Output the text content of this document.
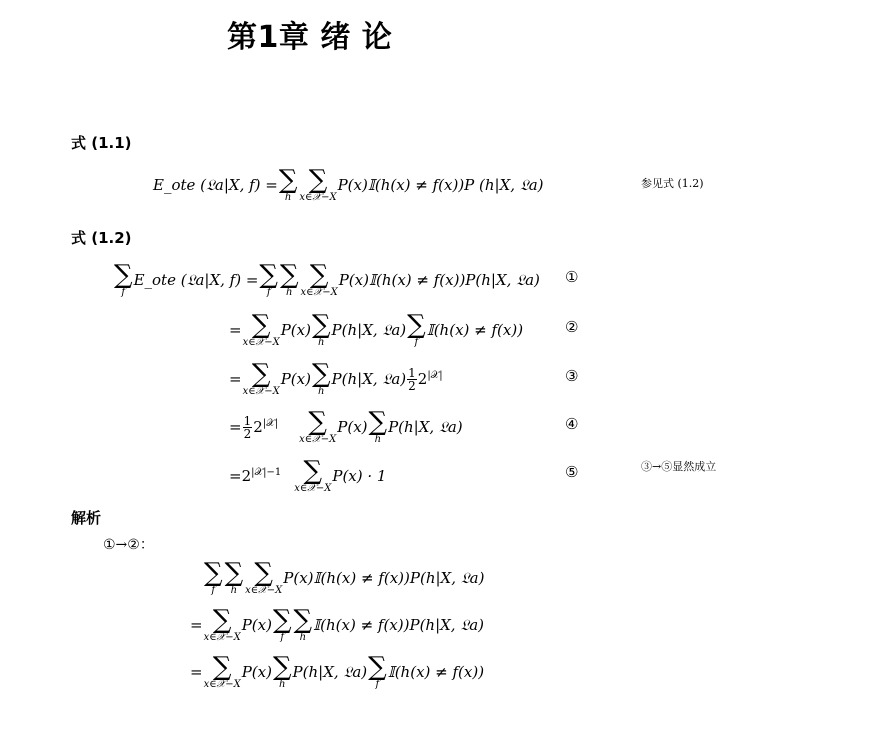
第1章 绪 论
式 (1.1)
E_ote (𝔏a|X, f) = ∑
h
∑
x∈𝒳−X
P(x)𝕀(h(x) ≠ f(x))P (h|X, 𝔏a)	参见式 (1.2)
式 (1.2)
∑
f
E_ote (𝔏a|X, f) = ∑
f
∑
h
∑
x∈𝒳−X
P(x)𝕀(h(x) ≠ f(x))P(h|X, 𝔏a) ①
= ∑
x∈𝒳−X
P(x) ∑
h
P(h|X, 𝔏a) ∑
f
𝕀(h(x) ≠ f(x))	②
= ∑
x∈𝒳−X
P(x) ∑
h
P(h|X, 𝔏a) $\frac{1}{2} 2^{|𝒳|}$	③
= $\frac{1}{2} 2^{|𝒳|}$ ∑
x∈𝒳−X
P(x) ∑
h
P(h|X, 𝔏a)	④
= $2^{|𝒳|-1}$ ∑
x∈𝒳−X
P(x) · 1	⑤	③→⑤显然成立
解析
①→②：
∑
f
∑
h
∑
x∈𝒳−X
P(x)𝕀(h(x) ≠ f(x))P(h|X, 𝔏a)
= ∑
x∈𝒳−X
P(x) ∑
f
∑
h
𝕀(h(x) ≠ f(x))P(h|X, 𝔏a)
= ∑
x∈𝒳−X
P(x) ∑
h
P(h|X, 𝔏a) ∑
f
𝕀(h(x) ≠ f(x))
